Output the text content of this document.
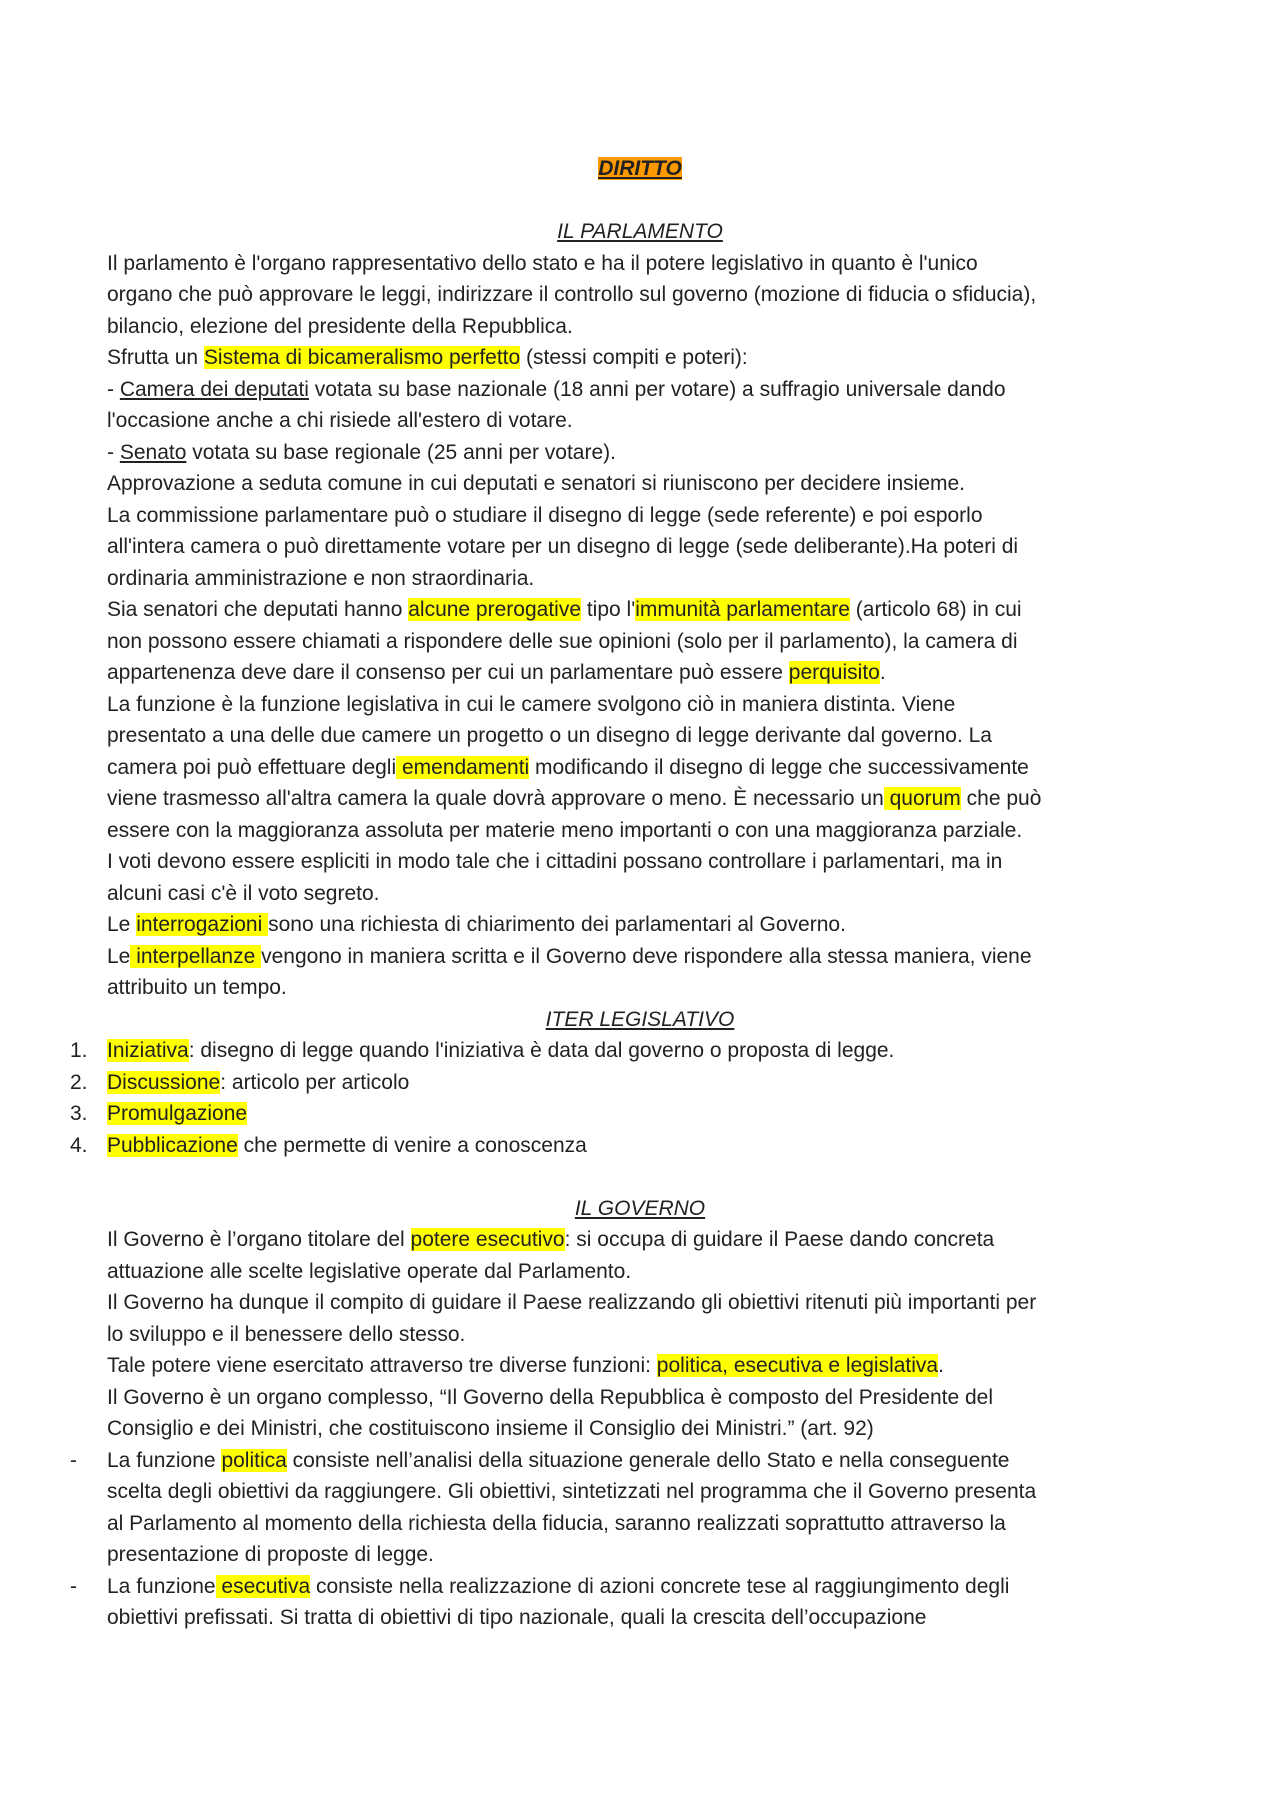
DIRITTO
IL PARLAMENTO
Il parlamento è l'organo rappresentativo dello stato e ha il potere legislativo in quanto è l'unico
organo che può approvare le leggi, indirizzare il controllo sul governo (mozione di fiducia o sfiducia),
bilancio, elezione del presidente della Repubblica.
Sfrutta un Sistema di bicameralismo perfetto (stessi compiti e poteri):
- Camera dei deputati votata su base nazionale (18 anni per votare) a suffragio universale dando
l'occasione anche a chi risiede all'estero di votare.
- Senato votata su base regionale (25 anni per votare).
Approvazione a seduta comune in cui deputati e senatori si riuniscono per decidere insieme.
La commissione parlamentare può o studiare il disegno di legge (sede referente) e poi esporlo
all'intera camera o può direttamente votare per un disegno di legge (sede deliberante).Ha poteri di
ordinaria amministrazione e non straordinaria.
Sia senatori che deputati hanno alcune prerogative tipo l'immunità parlamentare (articolo 68) in cui
non possono essere chiamati a rispondere delle sue opinioni (solo per il parlamento), la camera di
appartenenza deve dare il consenso per cui un parlamentare può essere perquisito.
La funzione è la funzione legislativa in cui le camere svolgono ciò in maniera distinta. Viene
presentato a una delle due camere un progetto o un disegno di legge derivante dal governo. La
camera poi può effettuare degli emendamenti modificando il disegno di legge che successivamente
viene trasmesso all'altra camera la quale dovrà approvare o meno. È necessario un quorum che può
essere con la maggioranza assoluta per materie meno importanti o con una maggioranza parziale.
I voti devono essere espliciti in modo tale che i cittadini possano controllare i parlamentari, ma in
alcuni casi c'è il voto segreto.
Le interrogazioni sono una richiesta di chiarimento dei parlamentari al Governo.
Le interpellanze vengono in maniera scritta e il Governo deve rispondere alla stessa maniera, viene
attribuito un tempo.
ITER LEGISLATIVO
1. Iniziativa: disegno di legge quando l'iniziativa è data dal governo o proposta di legge.
2. Discussione: articolo per articolo
3. Promulgazione
4. Pubblicazione che permette di venire a conoscenza
IL GOVERNO
Il Governo è l’organo titolare del potere esecutivo: si occupa di guidare il Paese dando concreta
attuazione alle scelte legislative operate dal Parlamento.
Il Governo ha dunque il compito di guidare il Paese realizzando gli obiettivi ritenuti più importanti per
lo sviluppo e il benessere dello stesso.
Tale potere viene esercitato attraverso tre diverse funzioni: politica, esecutiva e legislativa.
Il Governo è un organo complesso, “Il Governo della Repubblica è composto del Presidente del
Consiglio e dei Ministri, che costituiscono insieme il Consiglio dei Ministri.” (art. 92)
- La funzione politica consiste nell’analisi della situazione generale dello Stato e nella conseguente
scelta degli obiettivi da raggiungere. Gli obiettivi, sintetizzati nel programma che il Governo presenta
al Parlamento al momento della richiesta della fiducia, saranno realizzati soprattutto attraverso la
presentazione di proposte di legge.
- La funzione esecutiva consiste nella realizzazione di azioni concrete tese al raggiungimento degli
obiettivi prefissati. Si tratta di obiettivi di tipo nazionale, quali la crescita dell’occupazione
